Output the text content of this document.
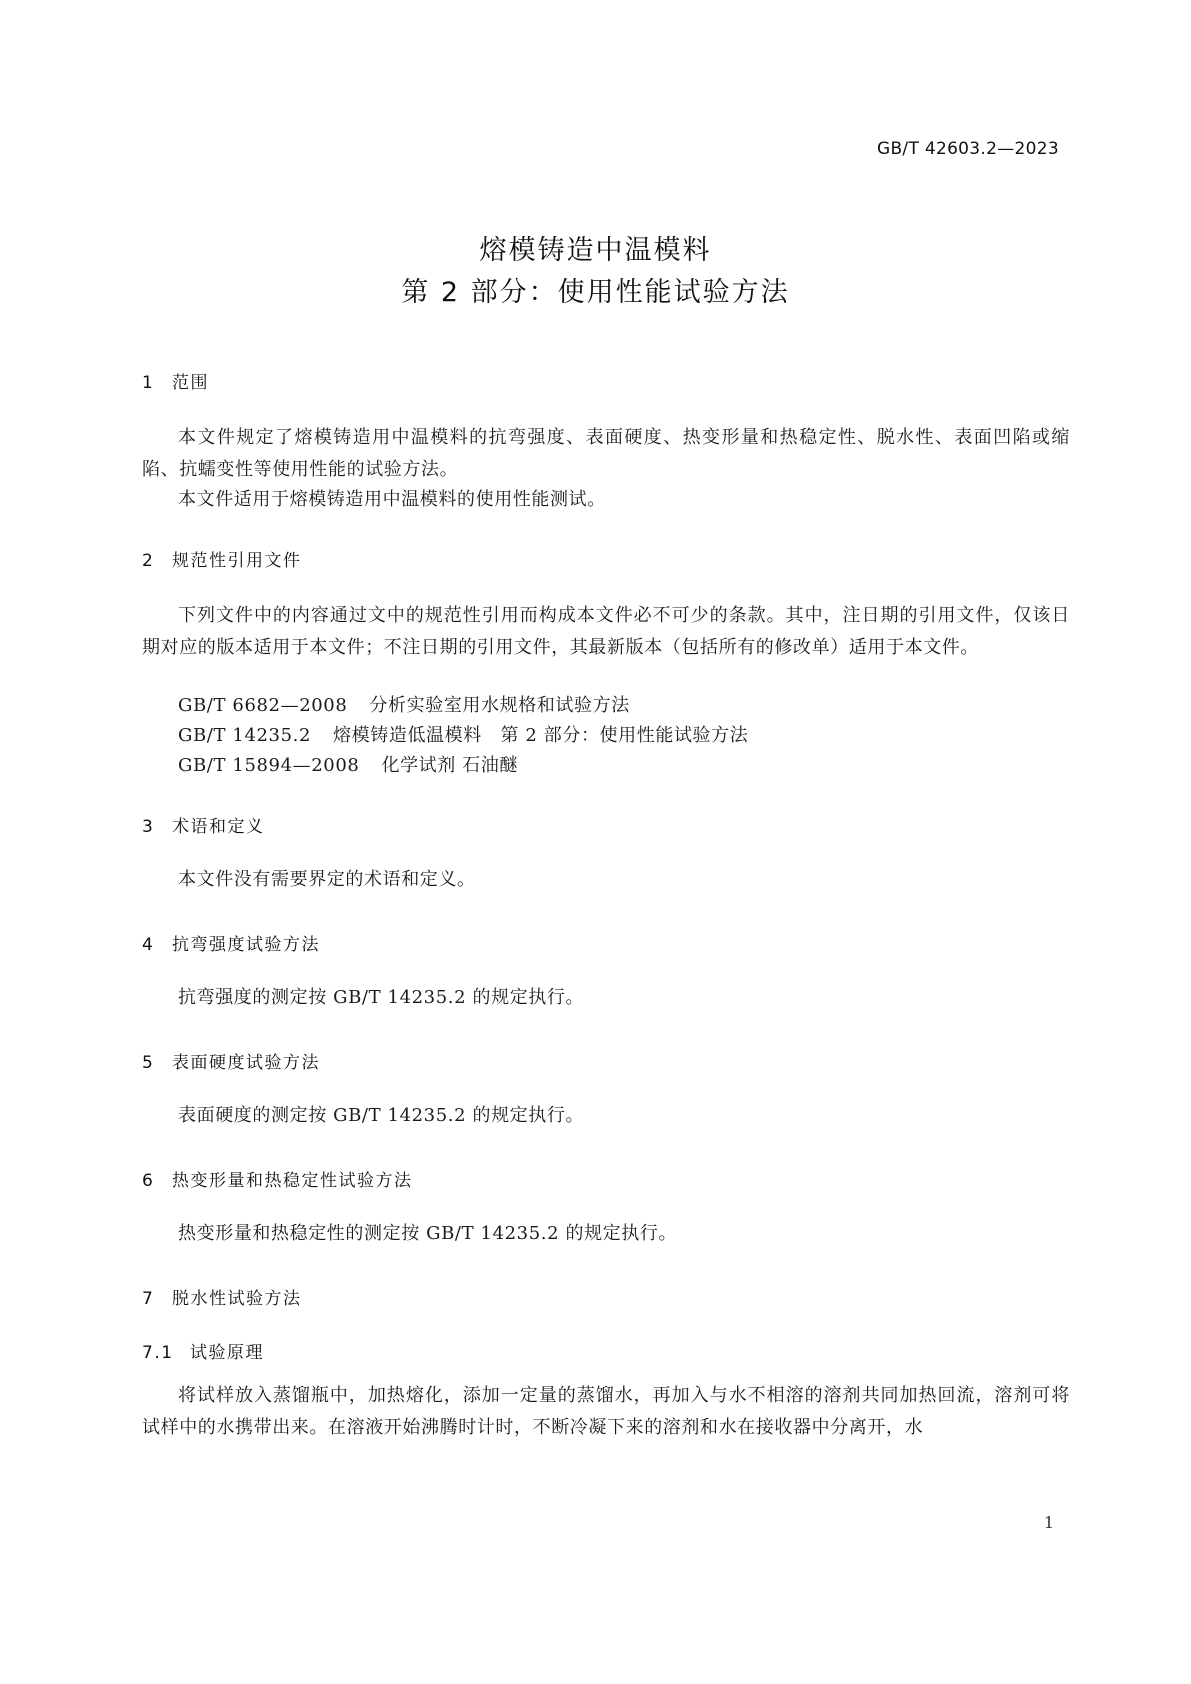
GB/T 42603.2—2023
熔模铸造中温模料
第 2 部分：使用性能试验方法
1 范围
本文件规定了熔模铸造用中温模料的抗弯强度、表面硬度、热变形量和热稳定性、脱水性、表面凹陷或缩陷、抗蠕变性等使用性能的试验方法。
本文件适用于熔模铸造用中温模料的使用性能测试。
2 规范性引用文件
下列文件中的内容通过文中的规范性引用而构成本文件必不可少的条款。其中，注日期的引用文件，仅该日期对应的版本适用于本文件；不注日期的引用文件，其最新版本（包括所有的修改单）适用于本文件。
GB/T 6682—2008 分析实验室用水规格和试验方法
GB/T 14235.2 熔模铸造低温模料　第 2 部分：使用性能试验方法
GB/T 15894—2008 化学试剂 石油醚
3 术语和定义
本文件没有需要界定的术语和定义。
4 抗弯强度试验方法
抗弯强度的测定按 GB/T 14235.2 的规定执行。
5 表面硬度试验方法
表面硬度的测定按 GB/T 14235.2 的规定执行。
6 热变形量和热稳定性试验方法
热变形量和热稳定性的测定按 GB/T 14235.2 的规定执行。
7 脱水性试验方法
7.1 试验原理
将试样放入蒸馏瓶中，加热熔化，添加一定量的蒸馏水，再加入与水不相溶的溶剂共同加热回流，溶剂可将试样中的水携带出来。在溶液开始沸腾时计时，不断冷凝下来的溶剂和水在接收器中分离开，水
1
